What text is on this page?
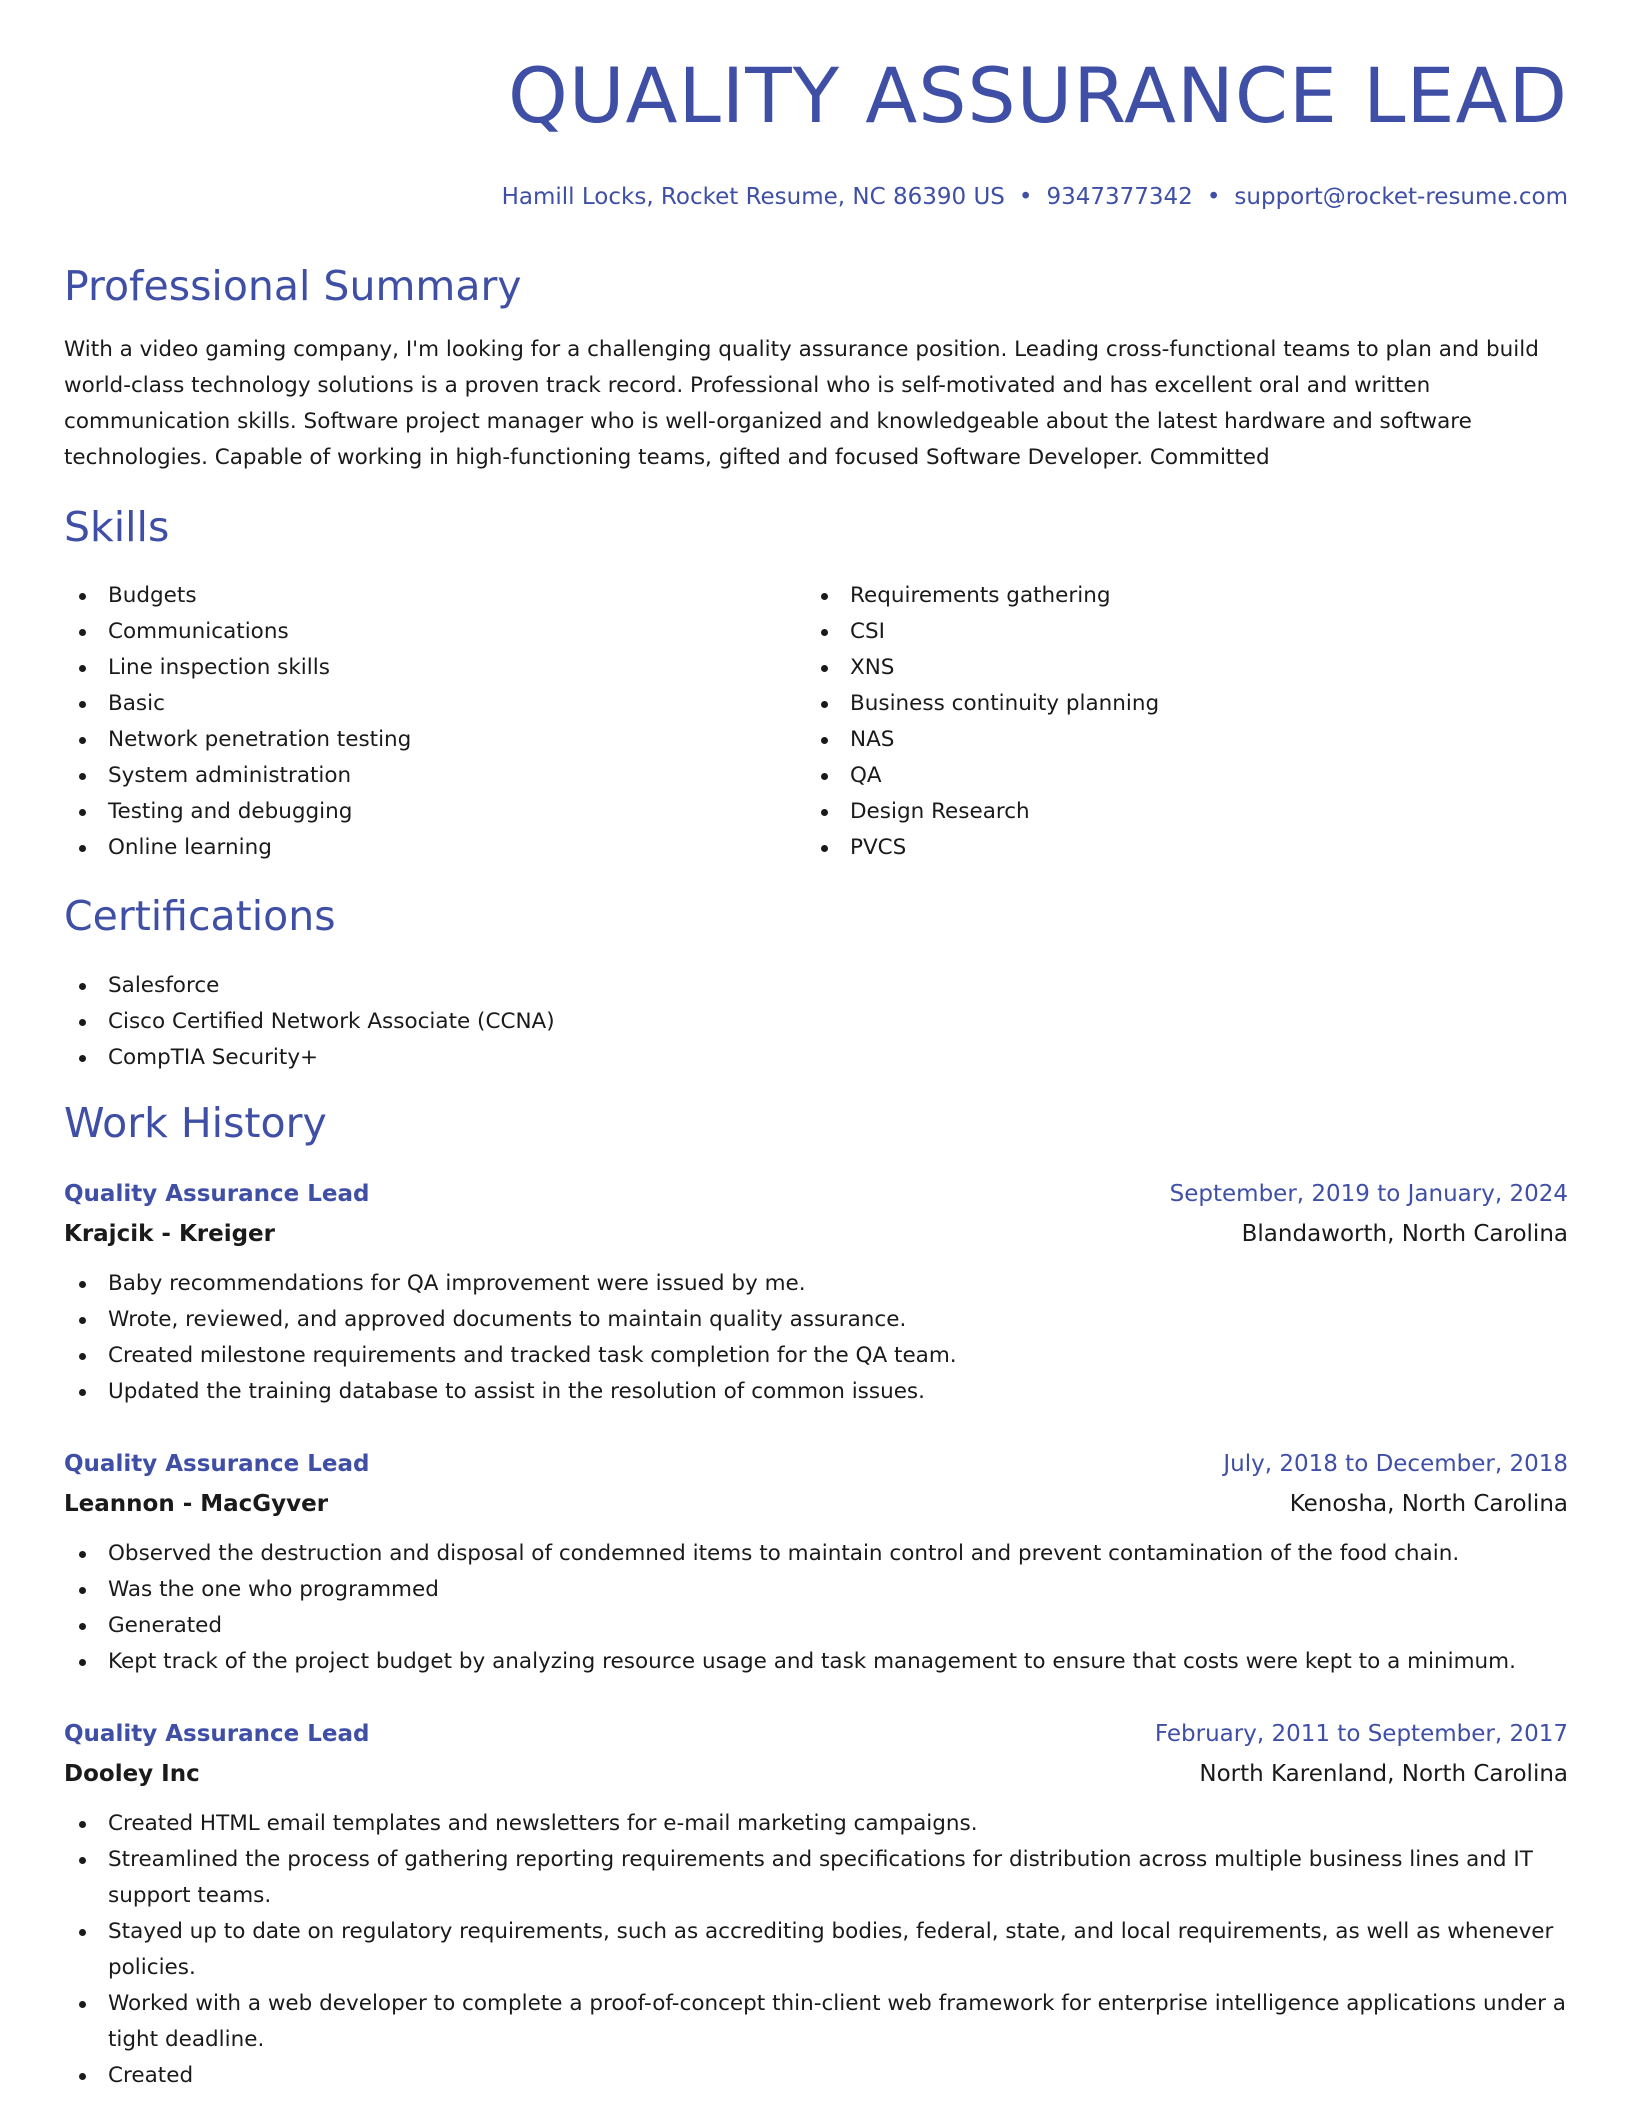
QUALITY ASSURANCE LEAD
Hamill Locks, Rocket Resume, NC 86390 US • 9347377342 • support@rocket-resume.com
Professional Summary

With a video gaming company, I'm looking for a challenging quality assurance position. Leading cross-functional teams to plan and build world-class technology solutions is a proven track record. Professional who is self-motivated and has excellent oral and written communication skills. Software project manager who is well-organized and knowledgeable about the latest hardware and software technologies. Capable of working in high-functioning teams, gifted and focused Software Developer. Committed

Skills
Budgets
Communications
Line inspection skills
Basic
Network penetration testing
System administration
Testing and debugging
Online learning
Requirements gathering
CSI
XNS
Business continuity planning
NAS
QA
Design Research
PVCS
Certifications
Salesforce
Cisco Certified Network Associate (CCNA)
CompTIA Security+
Work History
Quality Assurance Lead	September, 2019 to January, 2024
Krajcik - Kreiger	Blandaworth, North Carolina
Baby recommendations for QA improvement were issued by me.
Wrote, reviewed, and approved documents to maintain quality assurance.
Created milestone requirements and tracked task completion for the QA team.
Updated the training database to assist in the resolution of common issues.
Quality Assurance Lead	July, 2018 to December, 2018
Leannon - MacGyver	Kenosha, North Carolina
Observed the destruction and disposal of condemned items to maintain control and prevent contamination of the food chain.
Was the one who programmed
Generated
Kept track of the project budget by analyzing resource usage and task management to ensure that costs were kept to a minimum.
Quality Assurance Lead	February, 2011 to September, 2017
Dooley Inc	North Karenland, North Carolina
Created HTML email templates and newsletters for e-mail marketing campaigns.
Streamlined the process of gathering reporting requirements and specifications for distribution across multiple business lines and IT support teams.
Stayed up to date on regulatory requirements, such as accrediting bodies, federal, state, and local requirements, as well as whenever policies.
Worked with a web developer to complete a proof-of-concept thin-client web framework for enterprise intelligence applications under a tight deadline.
Created
